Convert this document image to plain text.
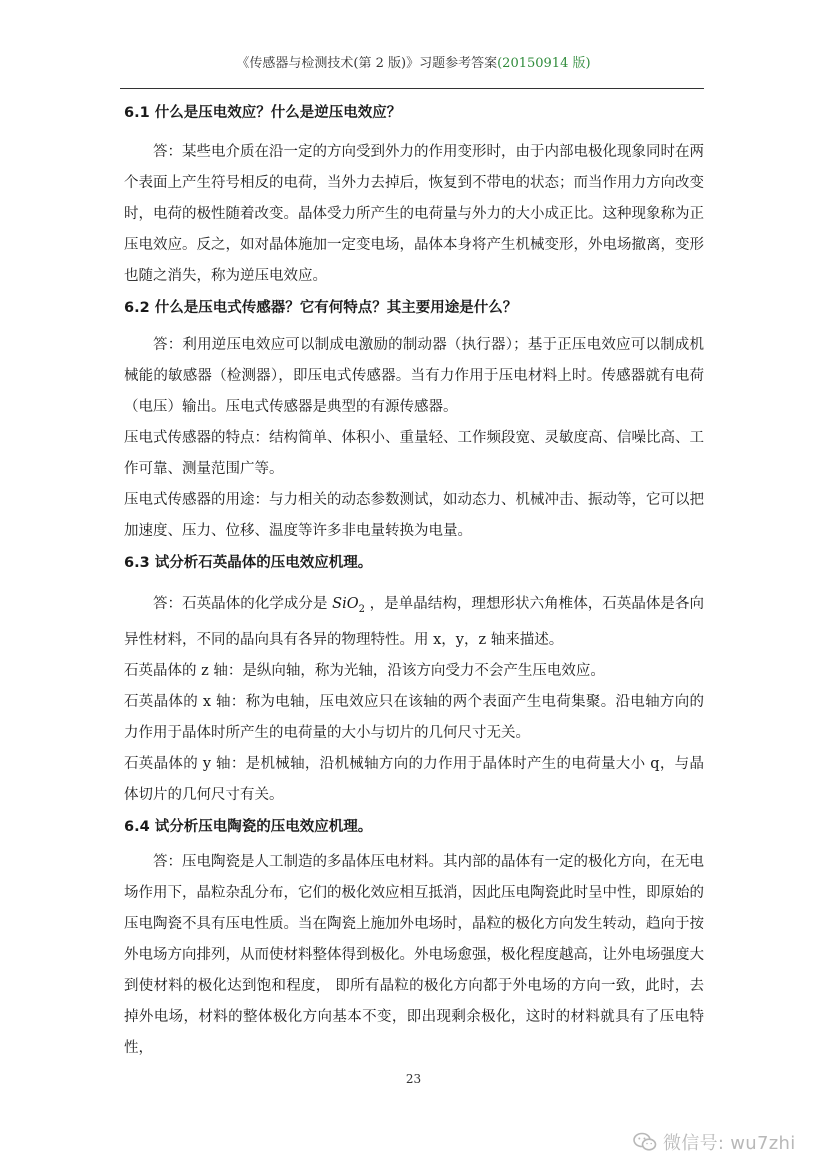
《传感器与检测技术(第 2 版)》习题参考答案(20150914 版)

6.1 什么是压电效应？什么是逆压电效应？

答：某些电介质在沿一定的方向受到外力的作用变形时，由于内部电极化现象同时在两个表面上产生符号相反的电荷，当外力去掉后，恢复到不带电的状态；而当作用力方向改变时，电荷的极性随着改变。晶体受力所产生的电荷量与外力的大小成正比。这种现象称为正压电效应。反之，如对晶体施加一定变电场，晶体本身将产生机械变形，外电场撤离，变形也随之消失，称为逆压电效应。

6.2 什么是压电式传感器？它有何特点？其主要用途是什么？

答：利用逆压电效应可以制成电激励的制动器（执行器）；基于正压电效应可以制成机械能的敏感器（检测器），即压电式传感器。当有力作用于压电材料上时。传感器就有电荷（电压）输出。压电式传感器是典型的有源传感器。

压电式传感器的特点：结构简单、体积小、重量轻、工作频段宽、灵敏度高、信噪比高、工作可靠、测量范围广等。

压电式传感器的用途：与力相关的动态参数测试，如动态力、机械冲击、振动等，它可以把加速度、压力、位移、温度等许多非电量转换为电量。

6.3 试分析石英晶体的压电效应机理。

答：石英晶体的化学成分是 SiO$_2$ ，是单晶结构，理想形状六角椎体，石英晶体是各向异性材料，不同的晶向具有各异的物理特性。用 x，y，z 轴来描述。

石英晶体的 z 轴：是纵向轴，称为光轴，沿该方向受力不会产生压电效应。

石英晶体的 x 轴：称为电轴，压电效应只在该轴的两个表面产生电荷集聚。沿电轴方向的力作用于晶体时所产生的电荷量的大小与切片的几何尺寸无关。

石英晶体的 y 轴：是机械轴，沿机械轴方向的力作用于晶体时产生的电荷量大小 q，与晶体切片的几何尺寸有关。

6.4 试分析压电陶瓷的压电效应机理。

答：压电陶瓷是人工制造的多晶体压电材料。其内部的晶体有一定的极化方向，在无电场作用下，晶粒杂乱分布，它们的极化效应相互抵消，因此压电陶瓷此时呈中性，即原始的压电陶瓷不具有压电性质。当在陶瓷上施加外电场时，晶粒的极化方向发生转动，趋向于按外电场方向排列，从而使材料整体得到极化。外电场愈强，极化程度越高，让外电场强度大到使材料的极化达到饱和程度， 即所有晶粒的极化方向都于外电场的方向一致，此时，去掉外电场，材料的整体极化方向基本不变，即出现剩余极化，这时的材料就具有了压电特性，

23
微信号: wu7zhi
